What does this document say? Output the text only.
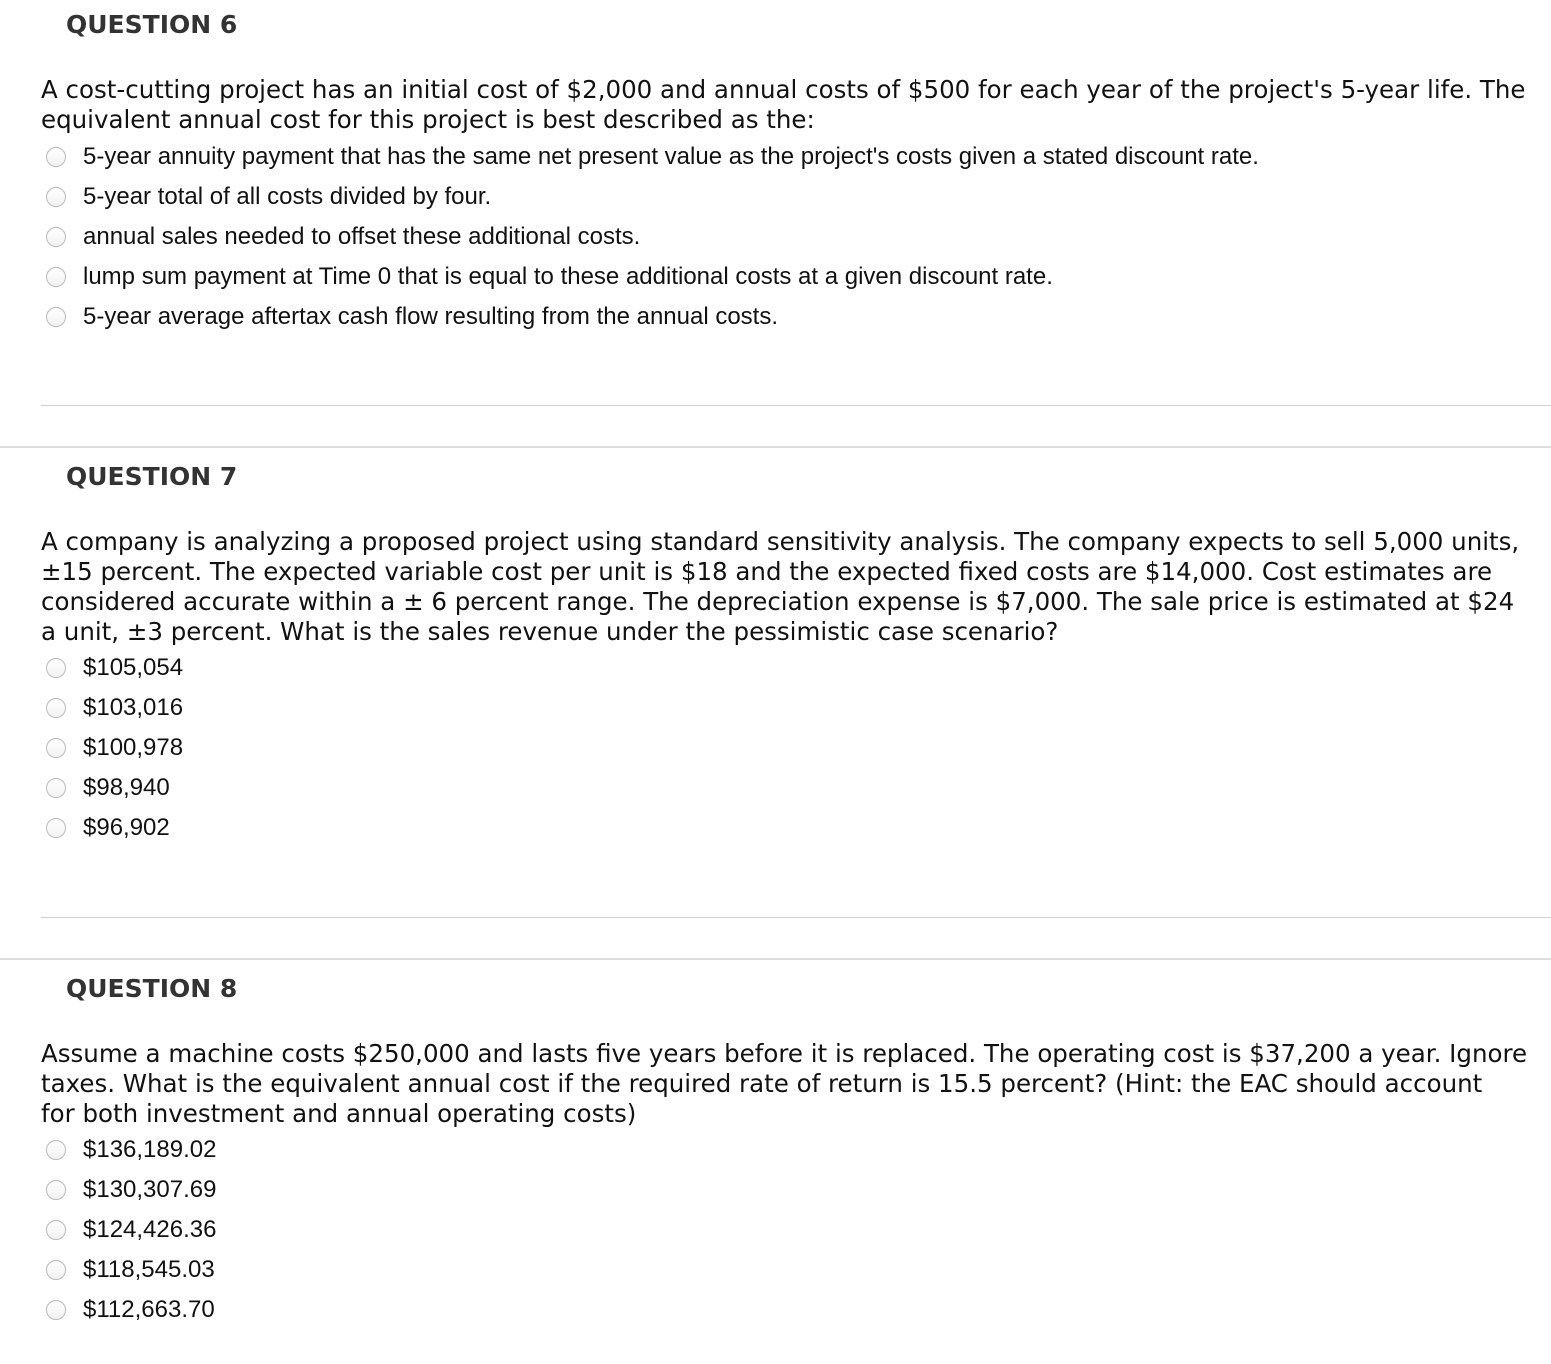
QUESTION 6
A cost-cutting project has an initial cost of $2,000 and annual costs of $500 for each year of the project's 5-year life. The
equivalent annual cost for this project is best described as the:
5-year annuity payment that has the same net present value as the project's costs given a stated discount rate.
5-year total of all costs divided by four.
annual sales needed to offset these additional costs.
lump sum payment at Time 0 that is equal to these additional costs at a given discount rate.
5-year average aftertax cash flow resulting from the annual costs.
QUESTION 7
A company is analyzing a proposed project using standard sensitivity analysis. The company expects to sell 5,000 units,
±15 percent. The expected variable cost per unit is $18 and the expected fixed costs are $14,000. Cost estimates are
considered accurate within a ± 6 percent range. The depreciation expense is $7,000. The sale price is estimated at $24
a unit, ±3 percent. What is the sales revenue under the pessimistic case scenario?
$105,054
$103,016
$100,978
$98,940
$96,902
QUESTION 8
Assume a machine costs $250,000 and lasts five years before it is replaced. The operating cost is $37,200 a year. Ignore
taxes. What is the equivalent annual cost if the required rate of return is 15.5 percent? (Hint: the EAC should account
for both investment and annual operating costs)
$136,189.02
$130,307.69
$124,426.36
$118,545.03
$112,663.70
